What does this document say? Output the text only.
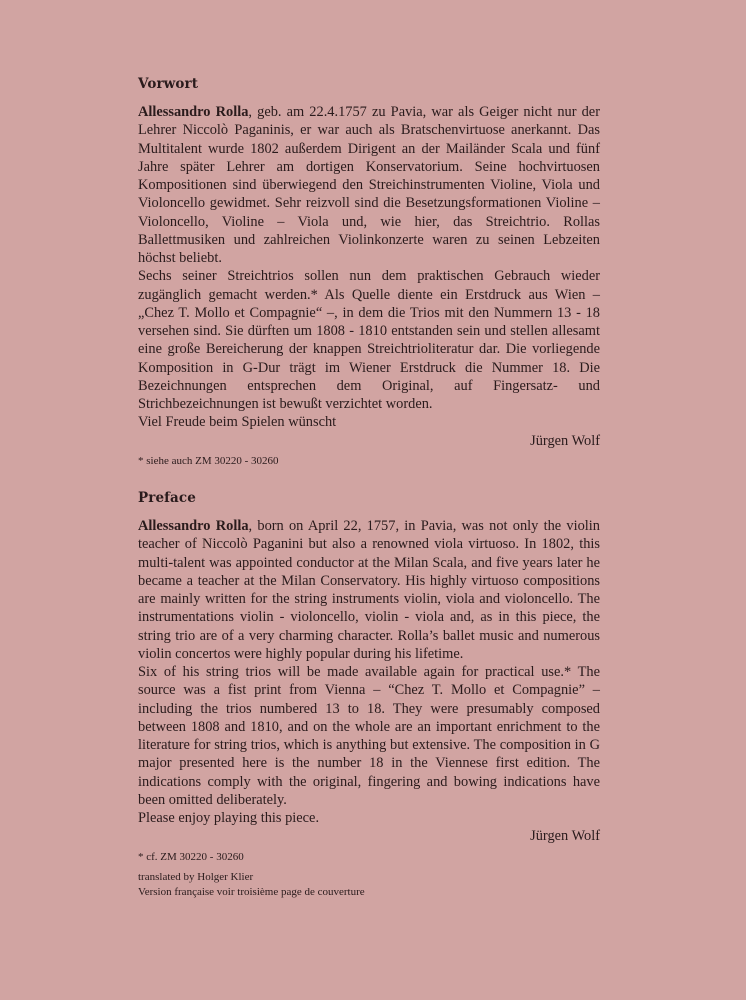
Vorwort

Allessandro Rolla, geb. am 22.4.1757 zu Pavia, war als Geiger nicht nur der Lehrer Niccolò Paganinis, er war auch als Bratschenvirtuose anerkannt. Das Multitalent wurde 1802 außerdem Dirigent an der Mailänder Scala und fünf Jahre später Lehrer am dortigen Konservatorium. Seine hochvirtuosen Kompositionen sind überwiegend den Streichinstrumenten Violine, Viola und Violoncello gewidmet. Sehr reizvoll sind die Besetzungsformationen Violine – Violoncello, Violine – Viola und, wie hier, das Streichtrio. Rollas Ballettmusiken und zahlreichen Violinkonzerte waren zu seinen Lebzeiten höchst beliebt.

Sechs seiner Streichtrios sollen nun dem praktischen Gebrauch wieder zugänglich gemacht werden.* Als Quelle diente ein Erstdruck aus Wien – „Chez T. Mollo et Compagnie“ –, in dem die Trios mit den Nummern 13 - 18 versehen sind. Sie dürften um 1808 - 1810 entstanden sein und stellen allesamt eine große Bereicherung der knappen Streichtrioliteratur dar. Die vorliegende Komposition in G-Dur trägt im Wiener Erstdruck die Nummer 18. Die Bezeichnungen entsprechen dem Original, auf Fingersatz- und Strichbezeichnungen ist bewußt verzichtet worden.

Viel Freude beim Spielen wünscht

Jürgen Wolf

* siehe auch ZM 30220 - 30260

Preface

Allessandro Rolla, born on April 22, 1757, in Pavia, was not only the violin teacher of Niccolò Paganini but also a renowned viola virtuoso. In 1802, this multi-talent was appointed conductor at the Milan Scala, and five years later he became a teacher at the Milan Conservatory. His highly virtuoso compositions are mainly written for the string instruments violin, viola and violoncello. The instrumentations violin - violoncello, violin - viola and, as in this piece, the string trio are of a very charming character. Rolla’s ballet music and numerous violin concertos were highly popular during his lifetime.

Six of his string trios will be made available again for practical use.* The source was a fist print from Vienna – “Chez T. Mollo et Compagnie” – including the trios numbered 13 to 18. They were presumably composed between 1808 and 1810, and on the whole are an important enrichment to the literature for string trios, which is anything but extensive. The composition in G major presented here is the number 18 in the Viennese first edition. The indications comply with the original, fingering and bowing indications have been omitted deliberately.

Please enjoy playing this piece.

Jürgen Wolf

* cf. ZM 30220 - 30260

translated by Holger Klier

Version française voir troisième page de couverture
